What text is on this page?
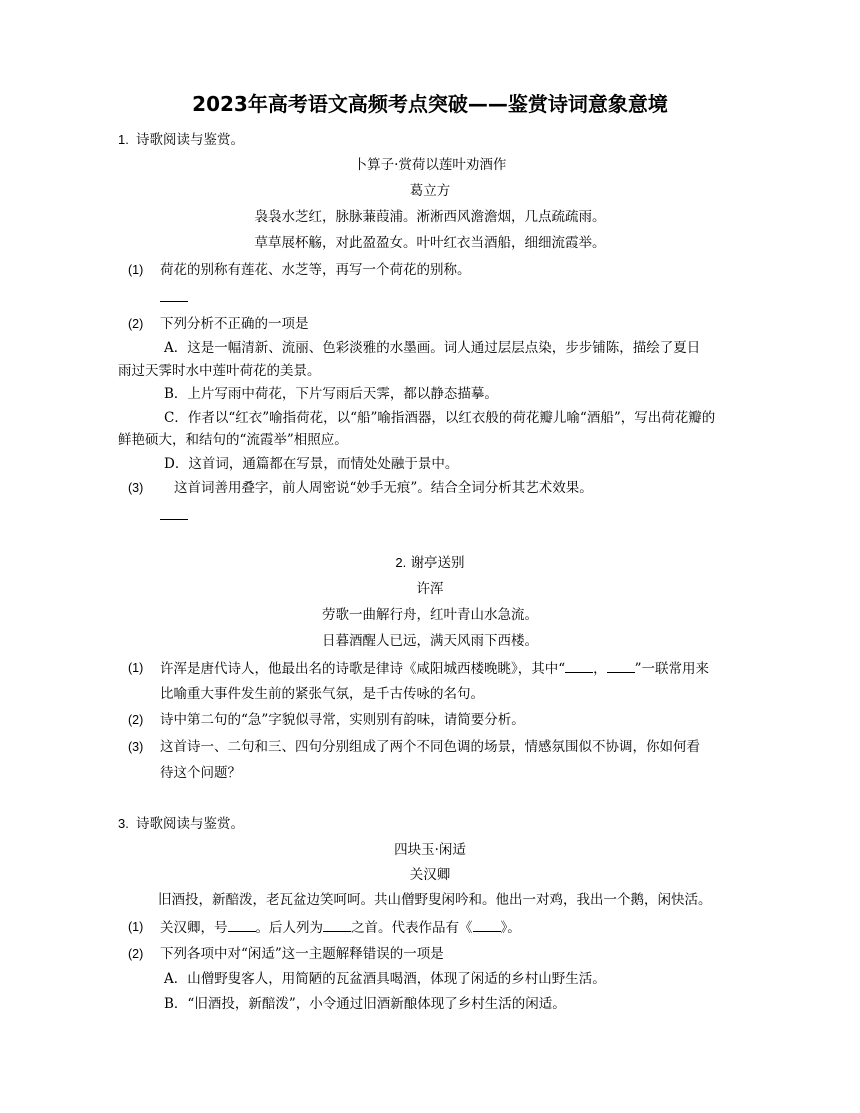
2023年高考语文高频考点突破——鉴赏诗词意象意境
1. 诗歌阅读与鉴赏。
卜算子·赏荷以莲叶劝酒作
葛立方
袅袅水芝红，脉脉蒹葭浦。淅淅西风澹澹烟，几点疏疏雨。
草草展杯觞，对此盈盈女。叶叶红衣当酒船，细细流霞举。
(1) 荷花的别称有莲花、水芝等，再写一个荷花的别称。
(2) 下列分析不正确的一项是
A．这是一幅清新、流丽、色彩淡雅的水墨画。词人通过层层点染，步步铺陈，描绘了夏日
雨过天霁时水中莲叶荷花的美景。
B．上片写雨中荷花，下片写雨后天霁，都以静态描摹。
C．作者以“红衣”喻指荷花，以“船”喻指酒器，以红衣般的荷花瓣儿喻“酒船”，写出荷花瓣的
鲜艳硕大，和结句的“流霞举”相照应。
D．这首词，通篇都在写景，而情处处融于景中。
(3) 这首词善用叠字，前人周密说“妙手无痕”。结合全词分析其艺术效果。
2. 谢亭送别
许浑
劳歌一曲解行舟，红叶青山水急流。
日暮酒醒人已远，满天风雨下西楼。
(1) 许浑是唐代诗人，他最出名的诗歌是律诗《咸阳城西楼晚眺》，其中“ ， ”一联常用来
比喻重大事件发生前的紧张气氛，是千古传咏的名句。
(2) 诗中第二句的“急”字貌似寻常，实则别有韵味，请简要分析。
(3) 这首诗一、二句和三、四句分别组成了两个不同色调的场景，情感氛围似不协调，你如何看
待这个问题？
3. 诗歌阅读与鉴赏。
四块玉·闲适
关汉卿
旧酒投，新醅泼，老瓦盆边笑呵呵。共山僧野叟闲吟和。他出一对鸡，我出一个鹅，闲快活。
(1) 关汉卿，号 。后人列为 之首。代表作品有《 》。
(2) 下列各项中对“闲适”这一主题解释错误的一项是
A．山僧野叟客人，用简陋的瓦盆酒具喝酒，体现了闲适的乡村山野生活。
B．“旧酒投，新醅泼”，小令通过旧酒新酿体现了乡村生活的闲适。
